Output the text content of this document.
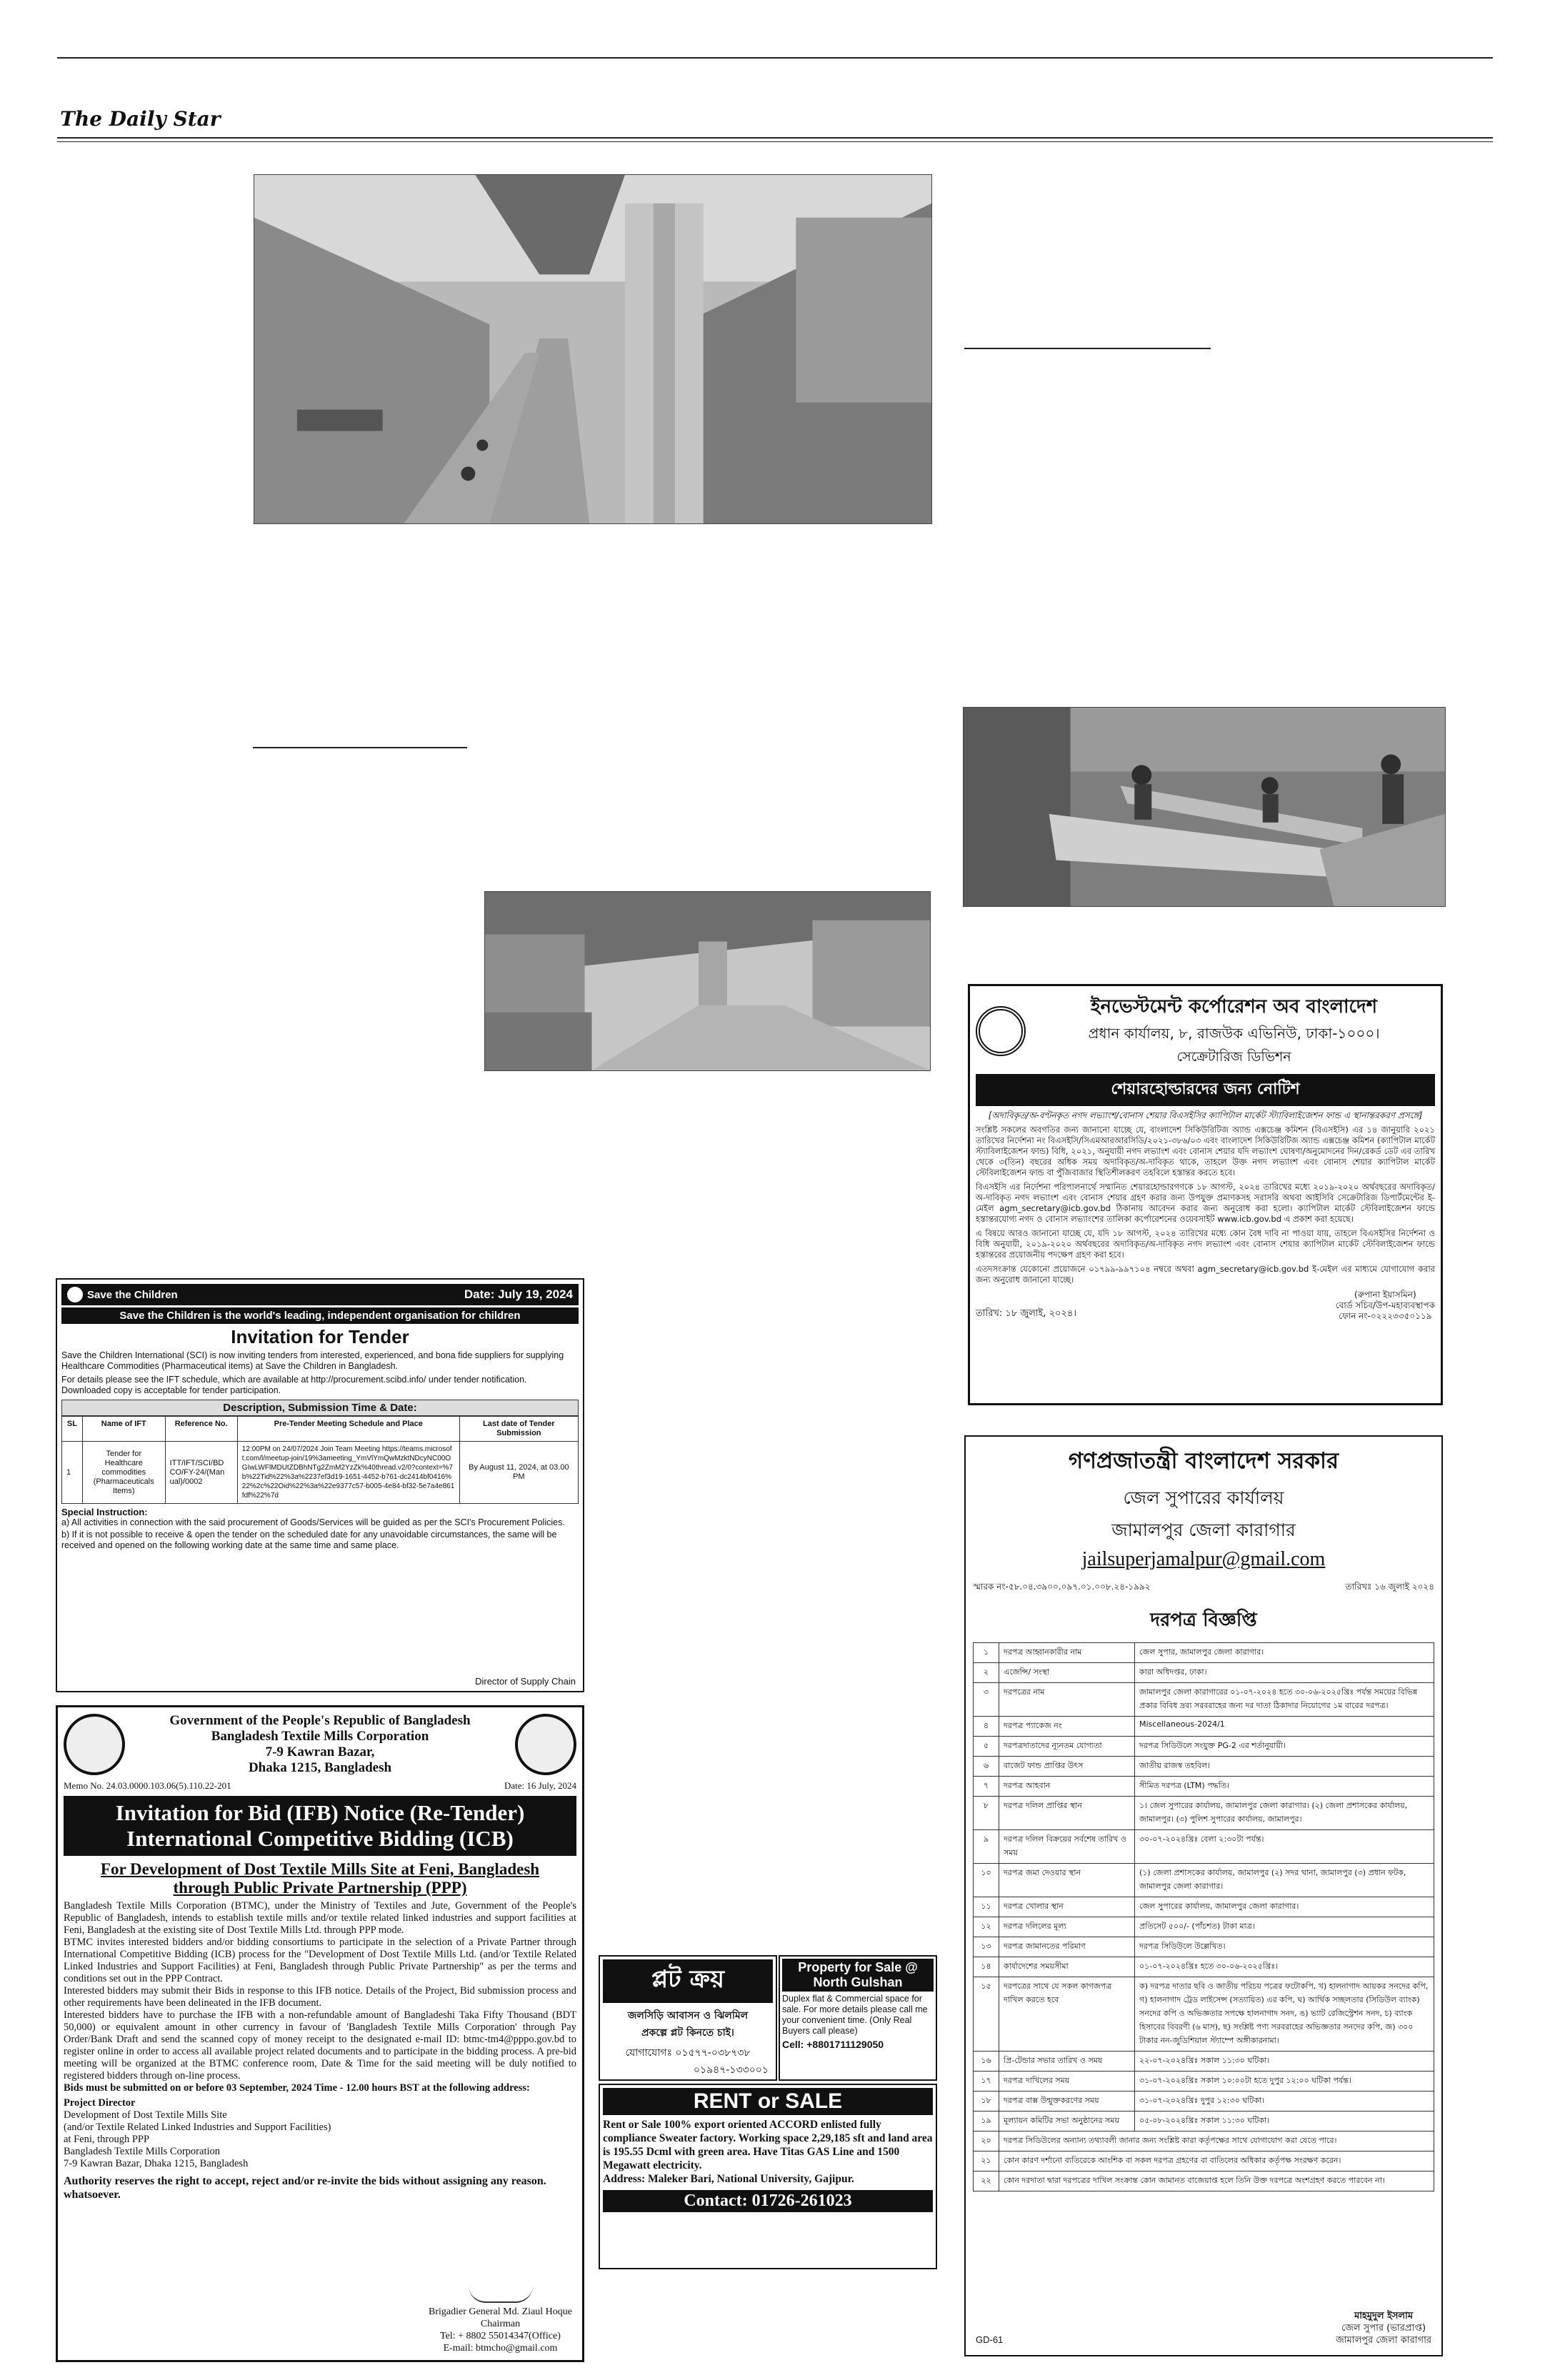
The Daily Star
ইনভেস্টমেন্ট কর্পোরেশন অব বাংলাদেশ
প্রধান কার্যালয়, ৮, রাজউক এভিনিউ, ঢাকা-১০০০।
সেক্রেটারিজ ডিভিশন
শেয়ারহোল্ডারদের জন্য নোটিশ
[অদাবিকৃত/অ-বণ্টনকৃত নগদ লভ্যাংশ/বোনাস শেয়ার বিএসইসির ক্যাপিটাল মার্কেট স্ট্যাবিলাইজেশন ফান্ড এ স্থানান্তরকরণ প্রসঙ্গে]
সংশ্লিষ্ট সকলের অবগতির জন্য জানানো যাচ্ছে যে, বাংলাদেশ সিকিউরিটিজ অ্যান্ড এক্সচেঞ্জ কমিশন (বিএসইসি) এর ১৪ জানুয়ারি ২০২১ তারিখের নির্দেশনা নং বিএসইসি/সিএমআরআরসিডি/২০২১-৩৮৬/০৩ এবং বাংলাদেশ সিকিউরিটিজ অ্যান্ড এক্সচেঞ্জ কমিশন (ক্যাপিটাল মার্কেট স্ট্যাবিলাইজেশন ফান্ড) বিধি, ২০২১, অনুযায়ী নগদ লভ্যাংশ এবং বোনাস শেয়ার যদি লভ্যাংশ ঘোষণা/অনুমোদনের দিন/রেকর্ড ডেট এর তারিখ থেকে ৩(তিন) বছরের অধিক সময় অদাবিকৃত/অ-দাবিকৃত থাকে, তাহলে উক্ত নগদ লভ্যাংশ এবং বোনাস শেয়ার ক্যাপিটাল মার্কেট স্টেবিলাইজেশন ফান্ড বা পুঁজিবাজার স্থিতিশীলকরণ তহবিলে হস্তান্তর করতে হবে।
বিএসইসি এর নির্দেশনা পরিপালনার্থে সম্মানিত শেয়ারহোল্ডারগণকে ১৮ আগস্ট, ২০২৪ তারিখের মধ্যে ২০১৯-২০২০ অর্থবছরের অদাবিকৃত/অ-দাবিকৃত নগদ লভ্যাংশ এবং বোনাস শেয়ার গ্রহণ করার জন্য উপযুক্ত প্রমাণকসহ সরাসরি অথবা আইসিবি সেক্রেটারিজ ডিপার্টমেন্টের ই-মেইল agm_secretary@icb.gov.bd ঠিকানায় আবেদন করার জন্য অনুরোধ করা হলো। ক্যাপিটাল মার্কেট স্টেবিলাইজেশন ফান্ডে হস্তান্তরযোগ্য নগদ ও বোনাস লভ্যাংশের তালিকা কর্পোরেশনের ওয়েবসাইট www.icb.gov.bd এ প্রকাশ করা হয়েছে।
এ বিষয়ে আরও জানানো যাচ্ছে যে, যদি ১৮ আগস্ট, ২০২৪ তারিখের মধ্যে কোন বৈধ দাবি না পাওয়া যায়, তাহলে বিএসইসির নির্দেশনা ও বিধি অনুযায়ী, ২০১৯-২০২০ অর্থবছরের অদাবিকৃত/অ-দাবিকৃত নগদ লভ্যাংশ এবং বোনাস শেয়ার ক্যাপিটাল মার্কেট স্টেবিলাইজেশন ফান্ডে হস্তান্তরের প্রয়োজনীয় পদক্ষেপ গ্রহণ করা হবে।
এতদসংক্রান্ত যেকোনো প্রয়োজনে ০১৭৯৯-৯৯৭১০৪ নম্বরে অথবা agm_secretary@icb.gov.bd ই-মেইল এর মাধ্যমে যোগাযোগ করার জন্য অনুরোধ জানানো যাচ্ছে।
তারিখ: ১৮ জুলাই, ২০২৪।
(রুপানা ইয়াসমিন)
বোর্ড সচিব/উপ-মহাব্যবস্থাপক
ফোন নং-০২২২৩৩৫০১১৯
গণপ্রজাতন্ত্রী বাংলাদেশ সরকার
জেল সুপারের কার্যালয়
জামালপুর জেলা কারাগার
jailsuperjamalpur@gmail.com
স্মারক নং-৫৮.০৪.৩৯০০.০৯৭.০১.০০৮.২৪-১৯৯২	তারিখঃ ১৬ জুলাই ২০২৪
দরপত্র বিজ্ঞপ্তি
১	দরপত্র আহ্বানকারীর নাম	জেল সুপার, জামালপুর জেলা কারাগার।
২	এজেন্সি/ সংস্থা	কারা অধিদপ্তর, ঢাকা।
৩	দরপত্রের নাম	জামালপুর জেলা কারাগারের ০১-০৭-২০২৪ হতে ৩০-০৬-২০২৫খ্রিঃ পর্যন্ত সময়ের বিভিন্ন প্রকার বিবিধ দ্রব্য সরবরাহের জন্য দর দাতা ঠিকাদার নিয়োগের ১ম বারের দরপত্র।
৪	দরপত্র প্যাকেজ নং	Miscellaneous-2024/1
৫	দরপত্রদাতাদের ন্যূনতম যোগ্যতা	দরপত্র সিডিউলে সংযুক্ত PG-2 এর শর্তানুযায়ী।
৬	বাজেট ফান্ড প্রাপ্তির উৎস	জাতীয় রাজস্ব তহবিল।
৭	দরপত্র আহবান	সীমিত দরপত্র (LTM) পদ্ধতি।
৮	দরপত্র দলিল প্রাপ্তির স্থান	১। জেল সুপারের কার্যালয়, জামালপুর জেলা কারাগার। (২) জেলা প্রশাসকের কার্যালয়, জামালপুর। (৩) পুলিশ সুপারের কার্যালয়, জামালপুর।
৯	দরপত্র দলিল বিক্রয়ের সর্বশেষ তারিখ ও সময়	৩০-০৭-২০২৪খ্রিঃ বেলা ২:৩০টা পর্যন্ত।
১০	দরপত্র জমা দেওয়ার স্থান	(১) জেলা প্রশাসকের কার্যালয়, জামালপুর (২) সদর থানা, জামালপুর (৩) প্রধান ফটক, জামালপুর জেলা কারাগার।
১১	দরপত্র খোলার স্থান	জেল সুপারের কার্যালয়, জামালপুর জেলা কারাগার।
১২	দরপত্র দলিলের মূল্য	প্রতিসেট ৫০০/- (পাঁচশত) টাকা মাত্র।
১৩	দরপত্র জামানতের পরিমাণ	দরপত্র সিডিউলে উল্লেখিত।
১৪	কার্যাদেশের সময়সীমা	০১-০৭-২০২৪খ্রিঃ হতে ৩০-০৬-২০২৫খ্রিঃ।
১৫	দরপত্রের সাথে যে সকল কাগজপত্র দাখিল করতে হবে	ক) দরপত্র দাতার ছবি ও জাতীয় পরিচয় পত্রের ফটোকপি, খ) হালনাগাদ আয়কর সনদের কপি, গ) হালনাগাদ ট্রেড লাইসেন্স (সত্যায়িত) এর কপি, ঘ) আর্থিক সচ্ছলতার (সিডিউল ব্যাংক) সনদের কপি ও অভিজ্ঞতার সপক্ষে হালনাগাদ সনদ, ঙ) ভ্যাট রেজিস্ট্রেশন সনদ, চ) ব্যাংক হিসাবের বিবরণী (৬ মাস), ছ) সংশ্লিষ্ট পণ্য সরবরাহের অভিজ্ঞতার সনদের কপি, জ) ৩০০ টাকার নন-জুডিশিয়াল স্ট্যাম্পে অঙ্গীকারনামা।
১৬	প্রি-টেন্ডার সভার তারিখ ও সময়	২২-০৭-২০২৪খ্রিঃ সকাল ১১:৩০ ঘটিকা।
১৭	দরপত্র দাখিলের সময়	৩১-০৭-২০২৪খ্রিঃ সকাল ১০:০০টা হতে দুপুর ১২:০০ ঘটিকা পর্যন্ত।
১৮	দরপত্র বাক্স উন্মুক্তকরণের সময়	৩১-০৭-২০২৪খ্রিঃ দুপুর ১২:৩০ ঘটিকা।
১৯	মূল্যায়ন কমিটির সভা অনুষ্ঠানের সময়	০৫-০৮-২০২৪খ্রিঃ সকাল ১১:৩০ ঘটিকা।
২০	দরপত্র সিডিউলের অন্যান্য তথ্যাবলী জানার জন্য সংশ্লিষ্ট কারা কর্তৃপক্ষের সাথে যোগাযোগ করা যেতে পারে।	
২১	কোন কারণ দর্শানো ব্যতিরেকে আংশিক বা সকল দরপত্র গ্রহণের বা বাতিলের অধিকার কর্তৃপক্ষ সংরক্ষণ করেন।	
২২	কোন দরদাতা দ্বারা দরপত্রের দাখিল সংক্রান্ত কোন জামানত বাজেয়াপ্ত হলে তিনি উক্ত দরপত্রে অংশগ্রহণ করতে পারবেন না।	
মাহমুদুল ইসলাম
জেল সুপার (ভারপ্রাপ্ত)
জামালপুর জেলা কারাগার
GD-61
Save the Children	Date: July 19, 2024
Save the Children is the world's leading, independent organisation for children
Invitation for Tender
Save the Children International (SCI) is now inviting tenders from interested, experienced, and bona fide suppliers for supplying Healthcare Commodities (Pharmaceutical items) at Save the Children in Bangladesh.
For details please see the IFT schedule, which are available at http://procurement.scibd.info/ under tender notification. Downloaded copy is acceptable for tender participation.
Description, Submission Time & Date:
SL	Name of IFT	Reference No.	Pre-Tender Meeting Schedule and Place	Last date of Tender Submission
1	Tender for Healthcare commodities (Pharmaceuticals Items)	ITT/IFT/SCI/BD CO/FY-24/(Man ual)/0002	12:00PM on 24/07/2024 Join Team Meeting https://teams.microsoft.com/l/meetup-join/19%3ameeting_YmVlYmQwMzktNDcyNC00OGIwLWFlMDUtZDBhNTg2ZmM2YzZk%40thread.v2/0?context=%7b%22Tid%22%3a%2237ef3d19-1651-4452-b761-dc2414bf0416%22%2c%22Oid%22%3a%22e9377c57-b005-4e84-bf32-5e7a4e861fdf%22%7d	By August 11, 2024, at 03.00 PM
Special Instruction:
a) All activities in connection with the said procurement of Goods/Services will be guided as per the SCI's Procurement Policies.
b) If it is not possible to receive & open the tender on the scheduled date for any unavoidable circumstances, the same will be received and opened on the following working date at the same time and same place.
Director of Supply Chain
Government of the People's Republic of Bangladesh
Bangladesh Textile Mills Corporation
7-9 Kawran Bazar,
Dhaka 1215, Bangladesh
Memo No. 24.03.0000.103.06(5).110.22-201	Date: 16 July, 2024
Invitation for Bid (IFB) Notice (Re-Tender)
International Competitive Bidding (ICB)
For Development of Dost Textile Mills Site at Feni, Bangladesh
through Public Private Partnership (PPP)
Bangladesh Textile Mills Corporation (BTMC), under the Ministry of Textiles and Jute, Government of the People's Republic of Bangladesh, intends to establish textile mills and/or textile related linked industries and support facilities at Feni, Bangladesh at the existing site of Dost Textile Mills Ltd. through PPP mode.
BTMC invites interested bidders and/or bidding consortiums to participate in the selection of a Private Partner through International Competitive Bidding (ICB) process for the "Development of Dost Textile Mills Ltd. (and/or Textile Related Linked Industries and Support Facilities) at Feni, Bangladesh through Public Private Partnership" as per the terms and conditions set out in the PPP Contract.
Interested bidders may submit their Bids in response to this IFB notice. Details of the Project, Bid submission process and other requirements have been delineated in the IFB document.
Interested bidders have to purchase the IFB with a non-refundable amount of Bangladeshi Taka Fifty Thousand (BDT 50,000) or equivalent amount in other currency in favour of 'Bangladesh Textile Mills Corporation' through Pay Order/Bank Draft and send the scanned copy of money receipt to the designated e-mail ID: btmc-tm4@pppo.gov.bd to register online in order to access all available project related documents and to participate in the bidding process. A pre-bid meeting will be organized at the BTMC conference room, Date & Time for the said meeting will be duly notified to registered bidders through on-line process.
Bids must be submitted on or before 03 September, 2024 Time - 12.00 hours BST at the following address:
Project Director
Development of Dost Textile Mills Site
(and/or Textile Related Linked Industries and Support Facilities)
at Feni, through PPP
Bangladesh Textile Mills Corporation
7-9 Kawran Bazar, Dhaka 1215, Bangladesh
Authority reserves the right to accept, reject and/or re-invite the bids without assigning any reason. whatsoever.
Brigadier General Md. Ziaul Hoque
Chairman
Tel: + 8802 55014347(Office)
E-mail: btmcho@gmail.com
প্লট ক্রয়
জলসিড়ি আবাসন ও ঝিলমিল
প্রকল্পে প্লট কিনতে চাই।
যোগাযোগঃ ০১৫৭৭-০৩৮৭৩৮
০১৯৪৭-১৩৩০০১
Property for Sale @
North Gulshan
Duplex flat & Commercial space for sale. For more details please call me your convenient time. (Only Real Buyers call please)
Cell: +8801711129050
RENT or SALE
Rent or Sale 100% export oriented ACCORD enlisted fully compliance Sweater factory. Working space 2,29,185 sft and land area is 195.55 Dcml with green area. Have Titas GAS Line and 1500 Megawatt electricity.
Address: Maleker Bari, National University, Gajipur.
Contact: 01726-261023
